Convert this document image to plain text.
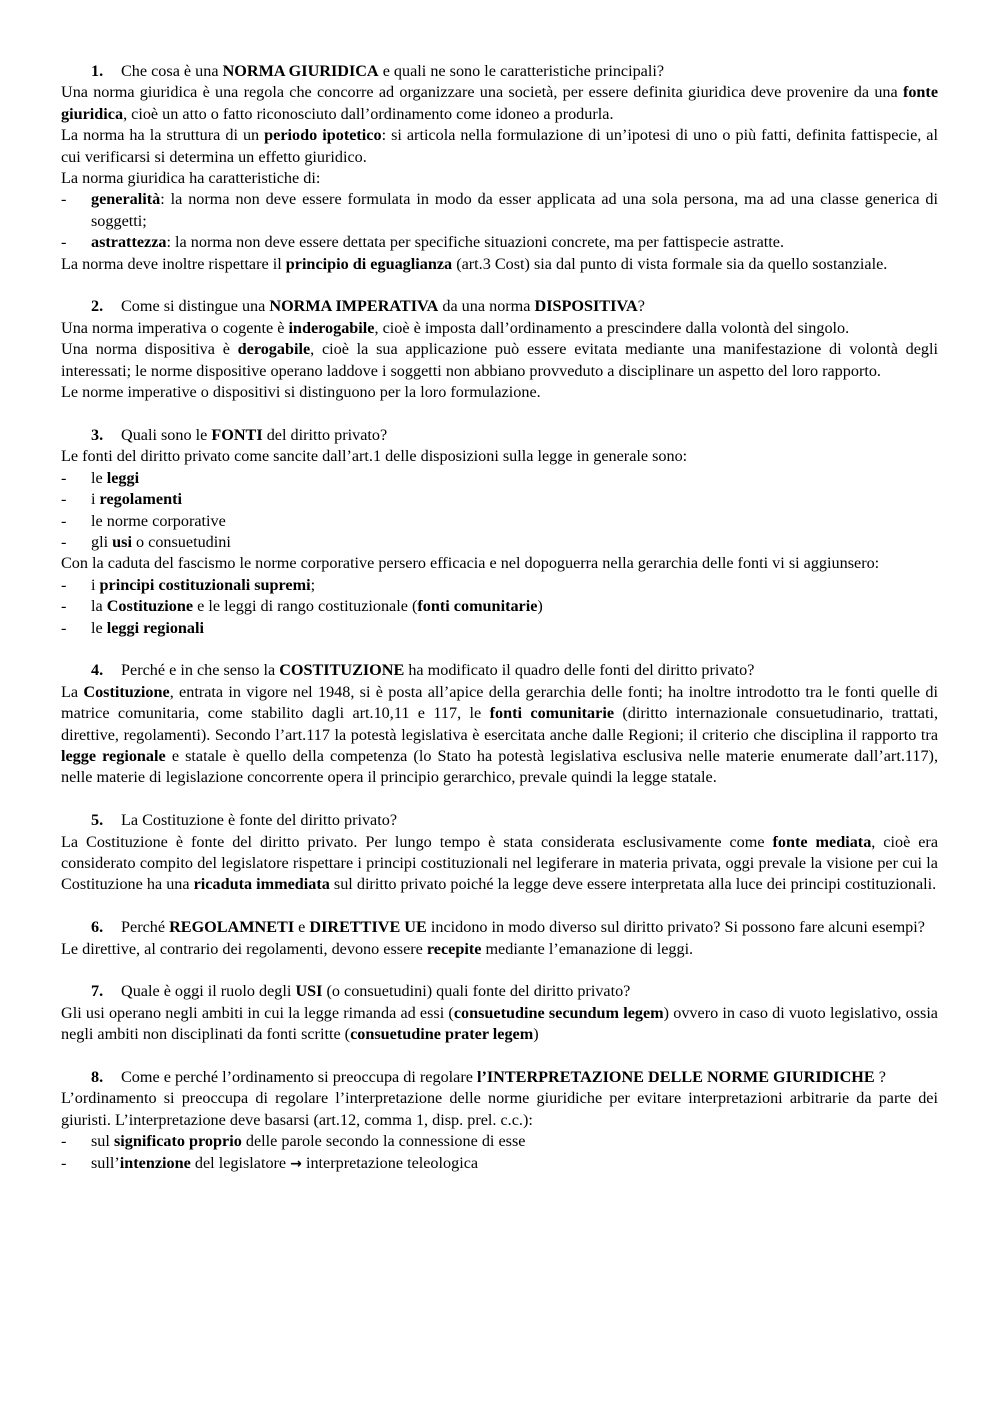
1.	Che cosa è una NORMA GIURIDICA e quali ne sono le caratteristiche principali?

Una norma giuridica è una regola che concorre ad organizzare una società, per essere definita giuridica deve provenire da una fonte giuridica, cioè un atto o fatto riconosciuto dall’ordinamento come idoneo a produrla.

La norma ha la struttura di un periodo ipotetico: si articola nella formulazione di un’ipotesi di uno o più fatti, definita fattispecie, al cui verificarsi si determina un effetto giuridico.

La norma giuridica ha caratteristiche di:

-	generalità: la norma non deve essere formulata in modo da esser applicata ad una sola persona, ma ad una classe generica di soggetti;
-	astrattezza: la norma non deve essere dettata per specifiche situazioni concrete, ma per fattispecie astratte.

La norma deve inoltre rispettare il principio di eguaglianza (art.3 Cost) sia dal punto di vista formale sia da quello sostanziale.

2.	Come si distingue una NORMA IMPERATIVA da una norma DISPOSITIVA?

Una norma imperativa o cogente è inderogabile, cioè è imposta dall’ordinamento a prescindere dalla volontà del singolo.

Una norma dispositiva è derogabile, cioè la sua applicazione può essere evitata mediante una manifestazione di volontà degli interessati; le norme dispositive operano laddove i soggetti non abbiano provveduto a disciplinare un aspetto del loro rapporto.

Le norme imperative o dispositivi si distinguono per la loro formulazione.

3.	Quali sono le FONTI del diritto privato?

Le fonti del diritto privato come sancite dall’art.1 delle disposizioni sulla legge in generale sono:

-	le leggi
-	i regolamenti
-	le norme corporative
-	gli usi o consuetudini

Con la caduta del fascismo le norme corporative persero efficacia e nel dopoguerra nella gerarchia delle fonti vi si aggiunsero:

-	i principi costituzionali supremi;
-	la Costituzione e le leggi di rango costituzionale (fonti comunitarie)
-	le leggi regionali
4.	Perché e in che senso la COSTITUZIONE ha modificato il quadro delle fonti del diritto privato?

La Costituzione, entrata in vigore nel 1948, si è posta all’apice della gerarchia delle fonti; ha inoltre introdotto tra le fonti quelle di matrice comunitaria, come stabilito dagli art.10,11 e 117, le fonti comunitarie (diritto internazionale consuetudinario, trattati, direttive, regolamenti). Secondo l’art.117 la potestà legislativa è esercitata anche dalle Regioni; il criterio che disciplina il rapporto tra legge regionale e statale è quello della competenza (lo Stato ha potestà legislativa esclusiva nelle materie enumerate dall’art.117), nelle materie di legislazione concorrente opera il principio gerarchico, prevale quindi la legge statale.

5.	La Costituzione è fonte del diritto privato?

La Costituzione è fonte del diritto privato. Per lungo tempo è stata considerata esclusivamente come fonte mediata, cioè era considerato compito del legislatore rispettare i principi costituzionali nel legiferare in materia privata, oggi prevale la visione per cui la Costituzione ha una ricaduta immediata sul diritto privato poiché la legge deve essere interpretata alla luce dei principi costituzionali.

6.	Perché REGOLAMNETI e DIRETTIVE UE incidono in modo diverso sul diritto privato? Si possono fare alcuni esempi?

Le direttive, al contrario dei regolamenti, devono essere recepite mediante l’emanazione di leggi.

7.	Quale è oggi il ruolo degli USI (o consuetudini) quali fonte del diritto privato?

Gli usi operano negli ambiti in cui la legge rimanda ad essi (consuetudine secundum legem) ovvero in caso di vuoto legislativo, ossia negli ambiti non disciplinati da fonti scritte (consuetudine prater legem)

8.	Come e perché l’ordinamento si preoccupa di regolare l’INTERPRETAZIONE DELLE NORME GIURIDICHE ?

L’ordinamento si preoccupa di regolare l’interpretazione delle norme giuridiche per evitare interpretazioni arbitrarie da parte dei giuristi. L’interpretazione deve basarsi (art.12, comma 1, disp. prel. c.c.):

-	sul significato proprio delle parole secondo la connessione di esse
-	sull’intenzione del legislatore → interpretazione teleologica
